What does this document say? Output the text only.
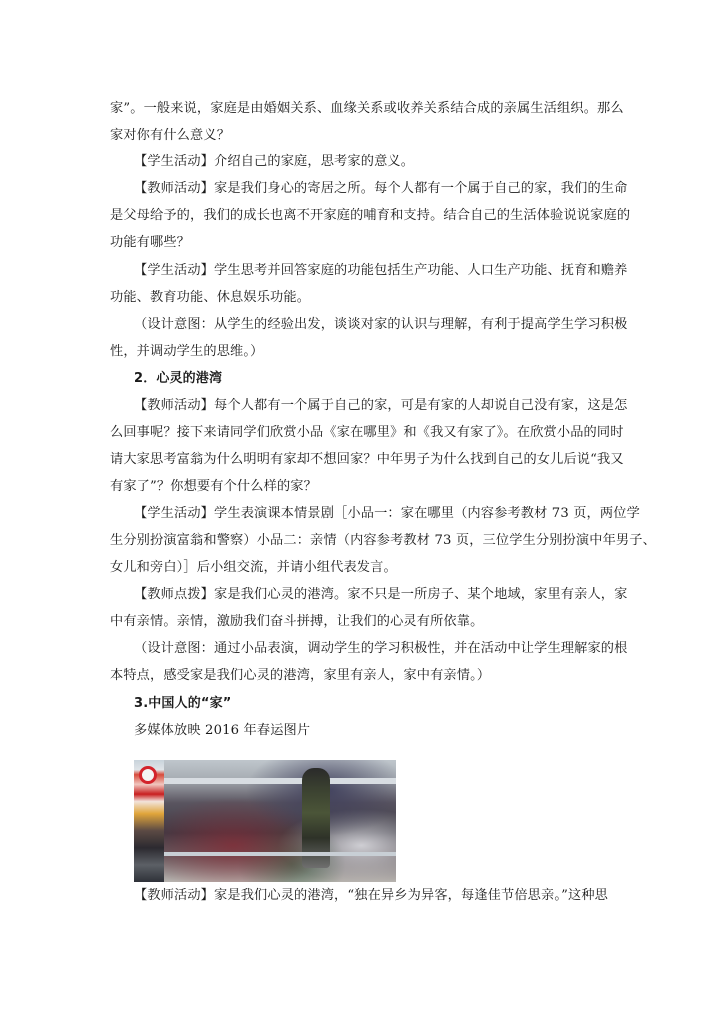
家”。一般来说，家庭是由婚姻关系、血缘关系或收养关系结合成的亲属生活组织。那么
家对你有什么意义？
【学生活动】介绍自己的家庭，思考家的意义。
【教师活动】家是我们身心的寄居之所。每个人都有一个属于自己的家，我们的生命
是父母给予的，我们的成长也离不开家庭的哺育和支持。结合自己的生活体验说说家庭的
功能有哪些？
【学生活动】学生思考并回答家庭的功能包括生产功能、人口生产功能、抚育和赡养
功能、教育功能、休息娱乐功能。
（设计意图：从学生的经验出发，谈谈对家的认识与理解，有利于提高学生学习积极
性，并调动学生的思维。）
2．心灵的港湾
【教师活动】每个人都有一个属于自己的家，可是有家的人却说自己没有家，这是怎
么回事呢？接下来请同学们欣赏小品《家在哪里》和《我又有家了》。在欣赏小品的同时
请大家思考富翁为什么明明有家却不想回家？中年男子为什么找到自己的女儿后说“我又
有家了”？你想要有个什么样的家？
【学生活动】学生表演课本情景剧［小品一：家在哪里（内容参考教材 73 页，两位学
生分别扮演富翁和警察）小品二：亲情（内容参考教材 73 页，三位学生分别扮演中年男子、
女儿和旁白）］后小组交流，并请小组代表发言。
【教师点拨】家是我们心灵的港湾。家不只是一所房子、某个地域，家里有亲人，家
中有亲情。亲情，激励我们奋斗拼搏，让我们的心灵有所依靠。
（设计意图：通过小品表演，调动学生的学习积极性，并在活动中让学生理解家的根
本特点，感受家是我们心灵的港湾，家里有亲人，家中有亲情。）
3.中国人的“家”
多媒体放映 2016 年春运图片
【教师活动】家是我们心灵的港湾，“独在异乡为异客，每逢佳节倍思亲。”这种思
